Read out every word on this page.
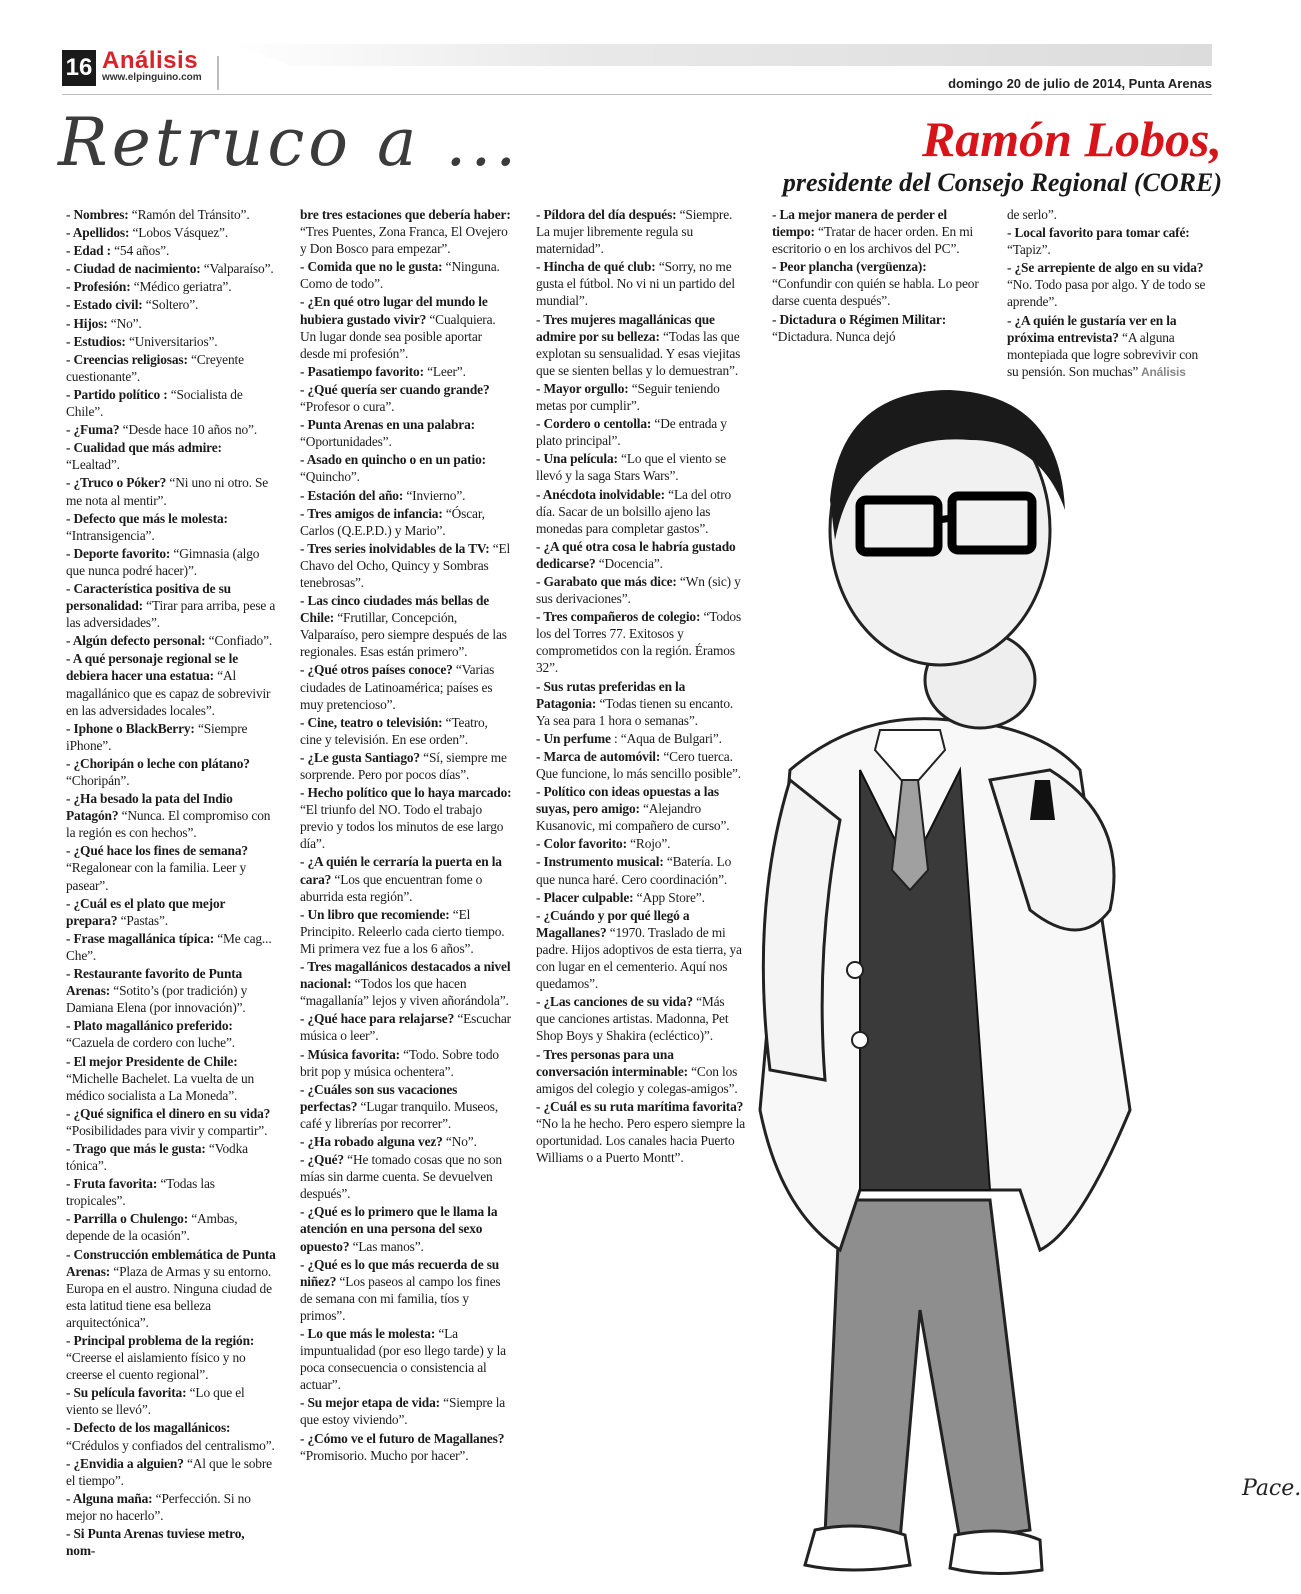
16 Análisis
www.elpinguino.com	domingo 20 de julio de 2014, Punta Arenas
Retruco a ...	Ramón Lobos,
presidente del Consejo Regional (CORE)
Pace.

- Nombres: “Ramón del Tránsito”.

- Apellidos: “Lobos Vásquez”.

- Edad : “54 años”.

- Ciudad de nacimiento: “Valparaíso”.

- Profesión: “Médico geriatra”.

- Estado civil: “Soltero”.

- Hijos: “No”.

- Estudios: “Universitarios”.

- Creencias religiosas: “Creyente cuestionante”.

- Partido político : “Socialista de Chile”.

- ¿Fuma? “Desde hace 10 años no”.

- Cualidad que más admire: “Lealtad”.

- ¿Truco o Póker? “Ni uno ni otro. Se me nota al mentir”.

- Defecto que más le molesta: “Intransigencia”.

- Deporte favorito: “Gimnasia (algo que nunca podré hacer)”.

- Característica positiva de su personalidad: “Tirar para arriba, pese a las adversidades”.

- Algún defecto personal: “Confiado”.

- A qué personaje regional se le debiera hacer una estatua: “Al magallánico que es capaz de sobrevivir en las adversidades locales”.

- Iphone o BlackBerry: “Siempre iPhone”.

- ¿Choripán o leche con plátano? “Choripán”.

- ¿Ha besado la pata del Indio Patagón? “Nunca. El compromiso con la región es con hechos”.

- ¿Qué hace los fines de semana? “Regalonear con la familia. Leer y pasear”.

- ¿Cuál es el plato que mejor prepara? “Pastas”.

- Frase magallánica típica: “Me cag... Che”.

- Restaurante favorito de Punta Arenas: “Sotito’s (por tradición) y Damiana Elena (por innovación)”.

- Plato magallánico preferido: “Cazuela de cordero con luche”.

- El mejor Presidente de Chile: “Michelle Bachelet. La vuelta de un médico socialista a La Moneda”.

- ¿Qué significa el dinero en su vida? “Posibilidades para vivir y compartir”.

- Trago que más le gusta: “Vodka tónica”.

- Fruta favorita: “Todas las tropicales”.

- Parrilla o Chulengo: “Ambas, depende de la ocasión”.

- Construcción emblemática de Punta Arenas: “Plaza de Armas y su entorno. Europa en el austro. Ninguna ciudad de esta latitud tiene esa belleza arquitectónica”.

- Principal problema de la región: “Creerse el aislamiento físico y no creerse el cuento regional”.

- Su película favorita: “Lo que el viento se llevó”.

- Defecto de los magallánicos: “Crédulos y confiados del centralismo”.

- ¿Envidia a alguien? “Al que le sobre el tiempo”.

- Alguna maña: “Perfección. Si no mejor no hacerlo”.

- Si Punta Arenas tuviese metro, nom-

bre tres estaciones que debería haber: “Tres Puentes, Zona Franca, El Ovejero y Don Bosco para empezar”.

- Comida que no le gusta: “Ninguna. Como de todo”.

- ¿En qué otro lugar del mundo le hubiera gustado vivir? “Cualquiera. Un lugar donde sea posible aportar desde mi profesión”.

- Pasatiempo favorito: “Leer”.

- ¿Qué quería ser cuando grande? “Profesor o cura”.

- Punta Arenas en una palabra: “Oportunidades”.

- Asado en quincho o en un patio: “Quincho”.

- Estación del año: “Invierno”.

- Tres amigos de infancia: “Óscar, Carlos (Q.E.P.D.) y Mario”.

- Tres series inolvidables de la TV: “El Chavo del Ocho, Quincy y Sombras tenebrosas”.

- Las cinco ciudades más bellas de Chile: “Frutillar, Concepción, Valparaíso, pero siempre después de las regionales. Esas están primero”.

- ¿Qué otros países conoce? “Varias ciudades de Latinoamérica; países es muy pretencioso”.

- Cine, teatro o televisión: “Teatro, cine y televisión. En ese orden”.

- ¿Le gusta Santiago? “Sí, siempre me sorprende. Pero por pocos días”.

- Hecho político que lo haya marcado: “El triunfo del NO. Todo el trabajo previo y todos los minutos de ese largo día”.

- ¿A quién le cerraría la puerta en la cara? “Los que encuentran fome o aburrida esta región”.

- Un libro que recomiende: “El Principito. Releerlo cada cierto tiempo. Mi primera vez fue a los 6 años”.

- Tres magallánicos destacados a nivel nacional: “Todos los que hacen “magallanía” lejos y viven añorándola”.

- ¿Qué hace para relajarse? “Escuchar música o leer”.

- Música favorita: “Todo. Sobre todo brit pop y música ochentera”.

- ¿Cuáles son sus vacaciones perfectas? “Lugar tranquilo. Museos, café y librerías por recorrer”.

- ¿Ha robado alguna vez? “No”.

- ¿Qué? “He tomado cosas que no son mías sin darme cuenta. Se devuelven después”.

- ¿Qué es lo primero que le llama la atención en una persona del sexo opuesto? “Las manos”.

- ¿Qué es lo que más recuerda de su niñez? “Los paseos al campo los fines de semana con mi familia, tíos y primos”.

- Lo que más le molesta: “La impuntualidad (por eso llego tarde) y la poca consecuencia o consistencia al actuar”.

- Su mejor etapa de vida: “Siempre la que estoy viviendo”.

- ¿Cómo ve el futuro de Magallanes? “Promisorio. Mucho por hacer”.

- Píldora del día después: “Siempre. La mujer libremente regula su maternidad”.

- Hincha de qué club: “Sorry, no me gusta el fútbol. No vi ni un partido del mundial”.

- Tres mujeres magallánicas que admire por su belleza: “Todas las que explotan su sensualidad. Y esas viejitas que se sienten bellas y lo demuestran”.

- Mayor orgullo: “Seguir teniendo metas por cumplir”.

- Cordero o centolla: “De entrada y plato principal”.

- Una película: “Lo que el viento se llevó y la saga Stars Wars”.

- Anécdota inolvidable: “La del otro día. Sacar de un bolsillo ajeno las monedas para completar gastos”.

- ¿A qué otra cosa le habría gustado dedicarse? “Docencia”.

- Garabato que más dice: “Wn (sic) y sus derivaciones”.

- Tres compañeros de colegio: “Todos los del Torres 77. Exitosos y comprometidos con la región. Éramos 32”.

- Sus rutas preferidas en la Patagonia: “Todas tienen su encanto. Ya sea para 1 hora o semanas”.

- Un perfume : “Aqua de Bulgari”.

- Marca de automóvil: “Cero tuerca. Que funcione, lo más sencillo posible”.

- Político con ideas opuestas a las suyas, pero amigo: “Alejandro Kusanovic, mi compañero de curso”.

- Color favorito: “Rojo”.

- Instrumento musical: “Batería. Lo que nunca haré. Cero coordinación”.

- Placer culpable: “App Store”.

- ¿Cuándo y por qué llegó a Magallanes? “1970. Traslado de mi padre. Hijos adoptivos de esta tierra, ya con lugar en el cementerio. Aquí nos quedamos”.

- ¿Las canciones de su vida? “Más que canciones artistas. Madonna, Pet Shop Boys y Shakira (ecléctico)”.

- Tres personas para una conversación interminable: “Con los amigos del colegio y colegas-amigos”.

- ¿Cuál es su ruta marítima favorita? “No la he hecho. Pero espero siempre la oportunidad. Los canales hacia Puerto Williams o a Puerto Montt”.

- La mejor manera de perder el tiempo: “Tratar de hacer orden. En mi escritorio o en los archivos del PC”.

- Peor plancha (vergüenza): “Confundir con quién se habla. Lo peor darse cuenta después”.

- Dictadura o Régimen Militar: “Dictadura. Nunca dejó

de serlo”.

- Local favorito para tomar café: “Tapiz”.

- ¿Se arrepiente de algo en su vida? “No. Todo pasa por algo. Y de todo se aprende”.

- ¿A quién le gustaría ver en la próxima entrevista? “A alguna montepiada que logre sobrevivir con su pensión. Son muchas” Análisis
